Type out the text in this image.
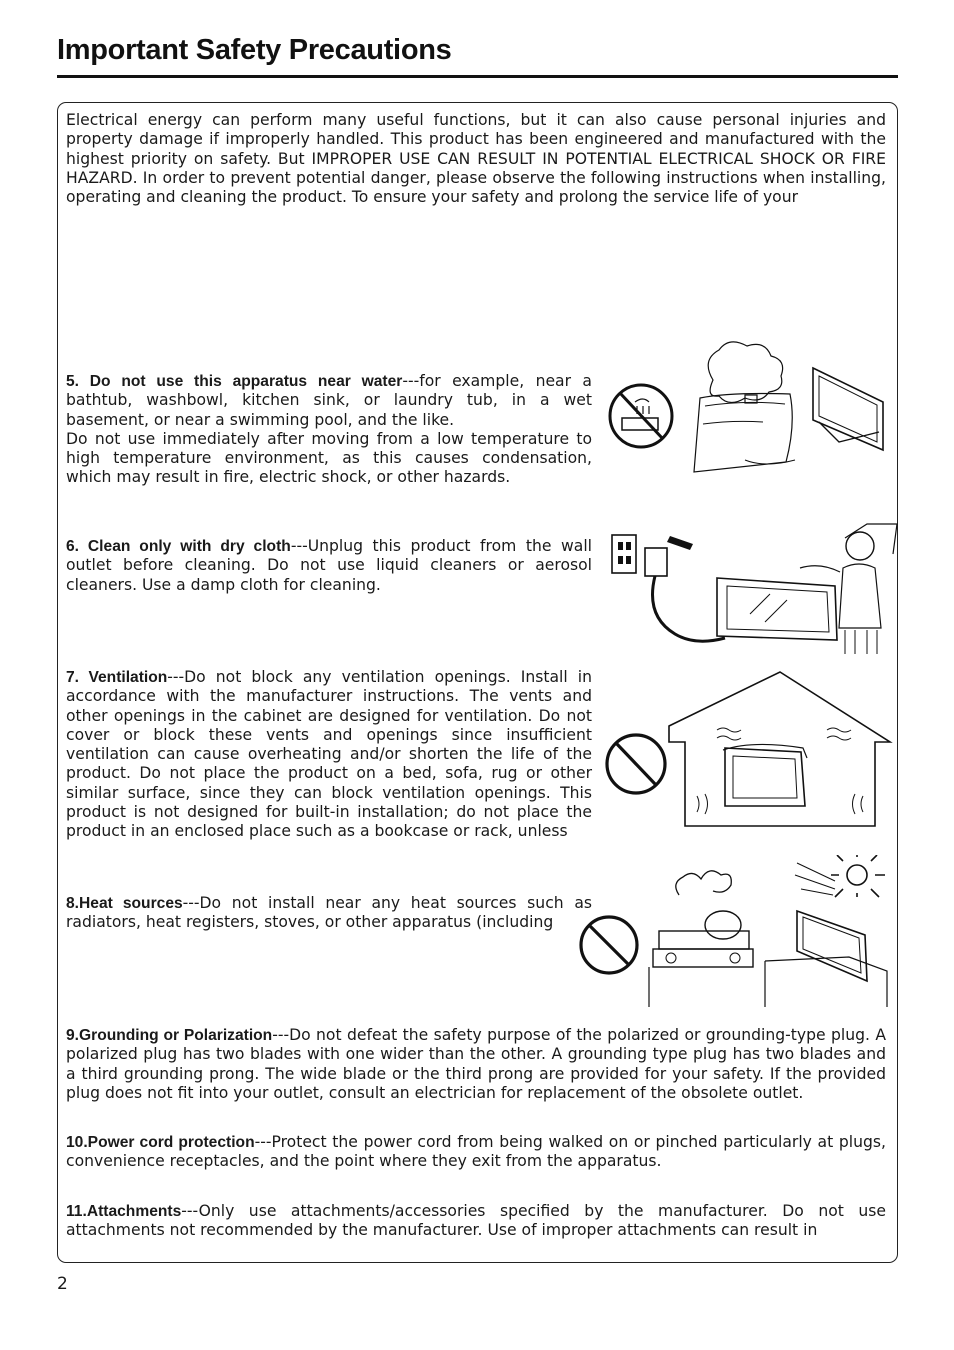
Important Safety Precautions
Electrical energy can perform many useful functions, but it can also cause personal injuries and property damage if improperly handled. This product has been engineered and manufactured with the highest priority on safety. But IMPROPER USE CAN RESULT IN POTENTIAL ELECTRICAL SHOCK OR FIRE HAZARD. In order to prevent potential danger, please observe the following instructions when installing, operating and cleaning the product. To ensure your safety and prolong the service life of your
5. Do not use this apparatus near water---for example, near a bathtub, washbowl, kitchen sink, or laundry tub, in a wet basement, or near a swimming pool, and the like.
Do not use immediately after moving from a low temperature to high temperature environment, as this causes condensation, which may result in fire, electric shock, or other hazards.
6. Clean only with dry cloth---Unplug this product from the wall outlet before cleaning. Do not use liquid cleaners or aerosol cleaners. Use a damp cloth for cleaning.
7. Ventilation---Do not block any ventilation openings. Install in accordance with the manufacturer instructions. The vents and other openings in the cabinet are designed for ventilation. Do not cover or block these vents and openings since insufficient ventilation can cause overheating and/or shorten the life of the product. Do not place the product on a bed, sofa, rug or other similar surface, since they can block ventilation openings. This product is not designed for built-in installation; do not place the product in an enclosed place such as a bookcase or rack, unless
8.Heat sources---Do not install near any heat sources such as radiators, heat registers, stoves, or other apparatus (including
9.Grounding or Polarization---Do not defeat the safety purpose of the polarized or grounding-type plug. A polarized plug has two blades with one wider than the other. A grounding type plug has two blades and a third grounding prong. The wide blade or the third prong are provided for your safety. If the provided plug does not fit into your outlet, consult an electrician for replacement of the obsolete outlet.
10.Power cord protection---Protect the power cord from being walked on or pinched particularly at plugs, convenience receptacles, and the point where they exit from the apparatus.
11.Attachments---Only use attachments/accessories specified by the manufacturer. Do not use attachments not recommended by the manufacturer. Use of improper attachments can result in
2
